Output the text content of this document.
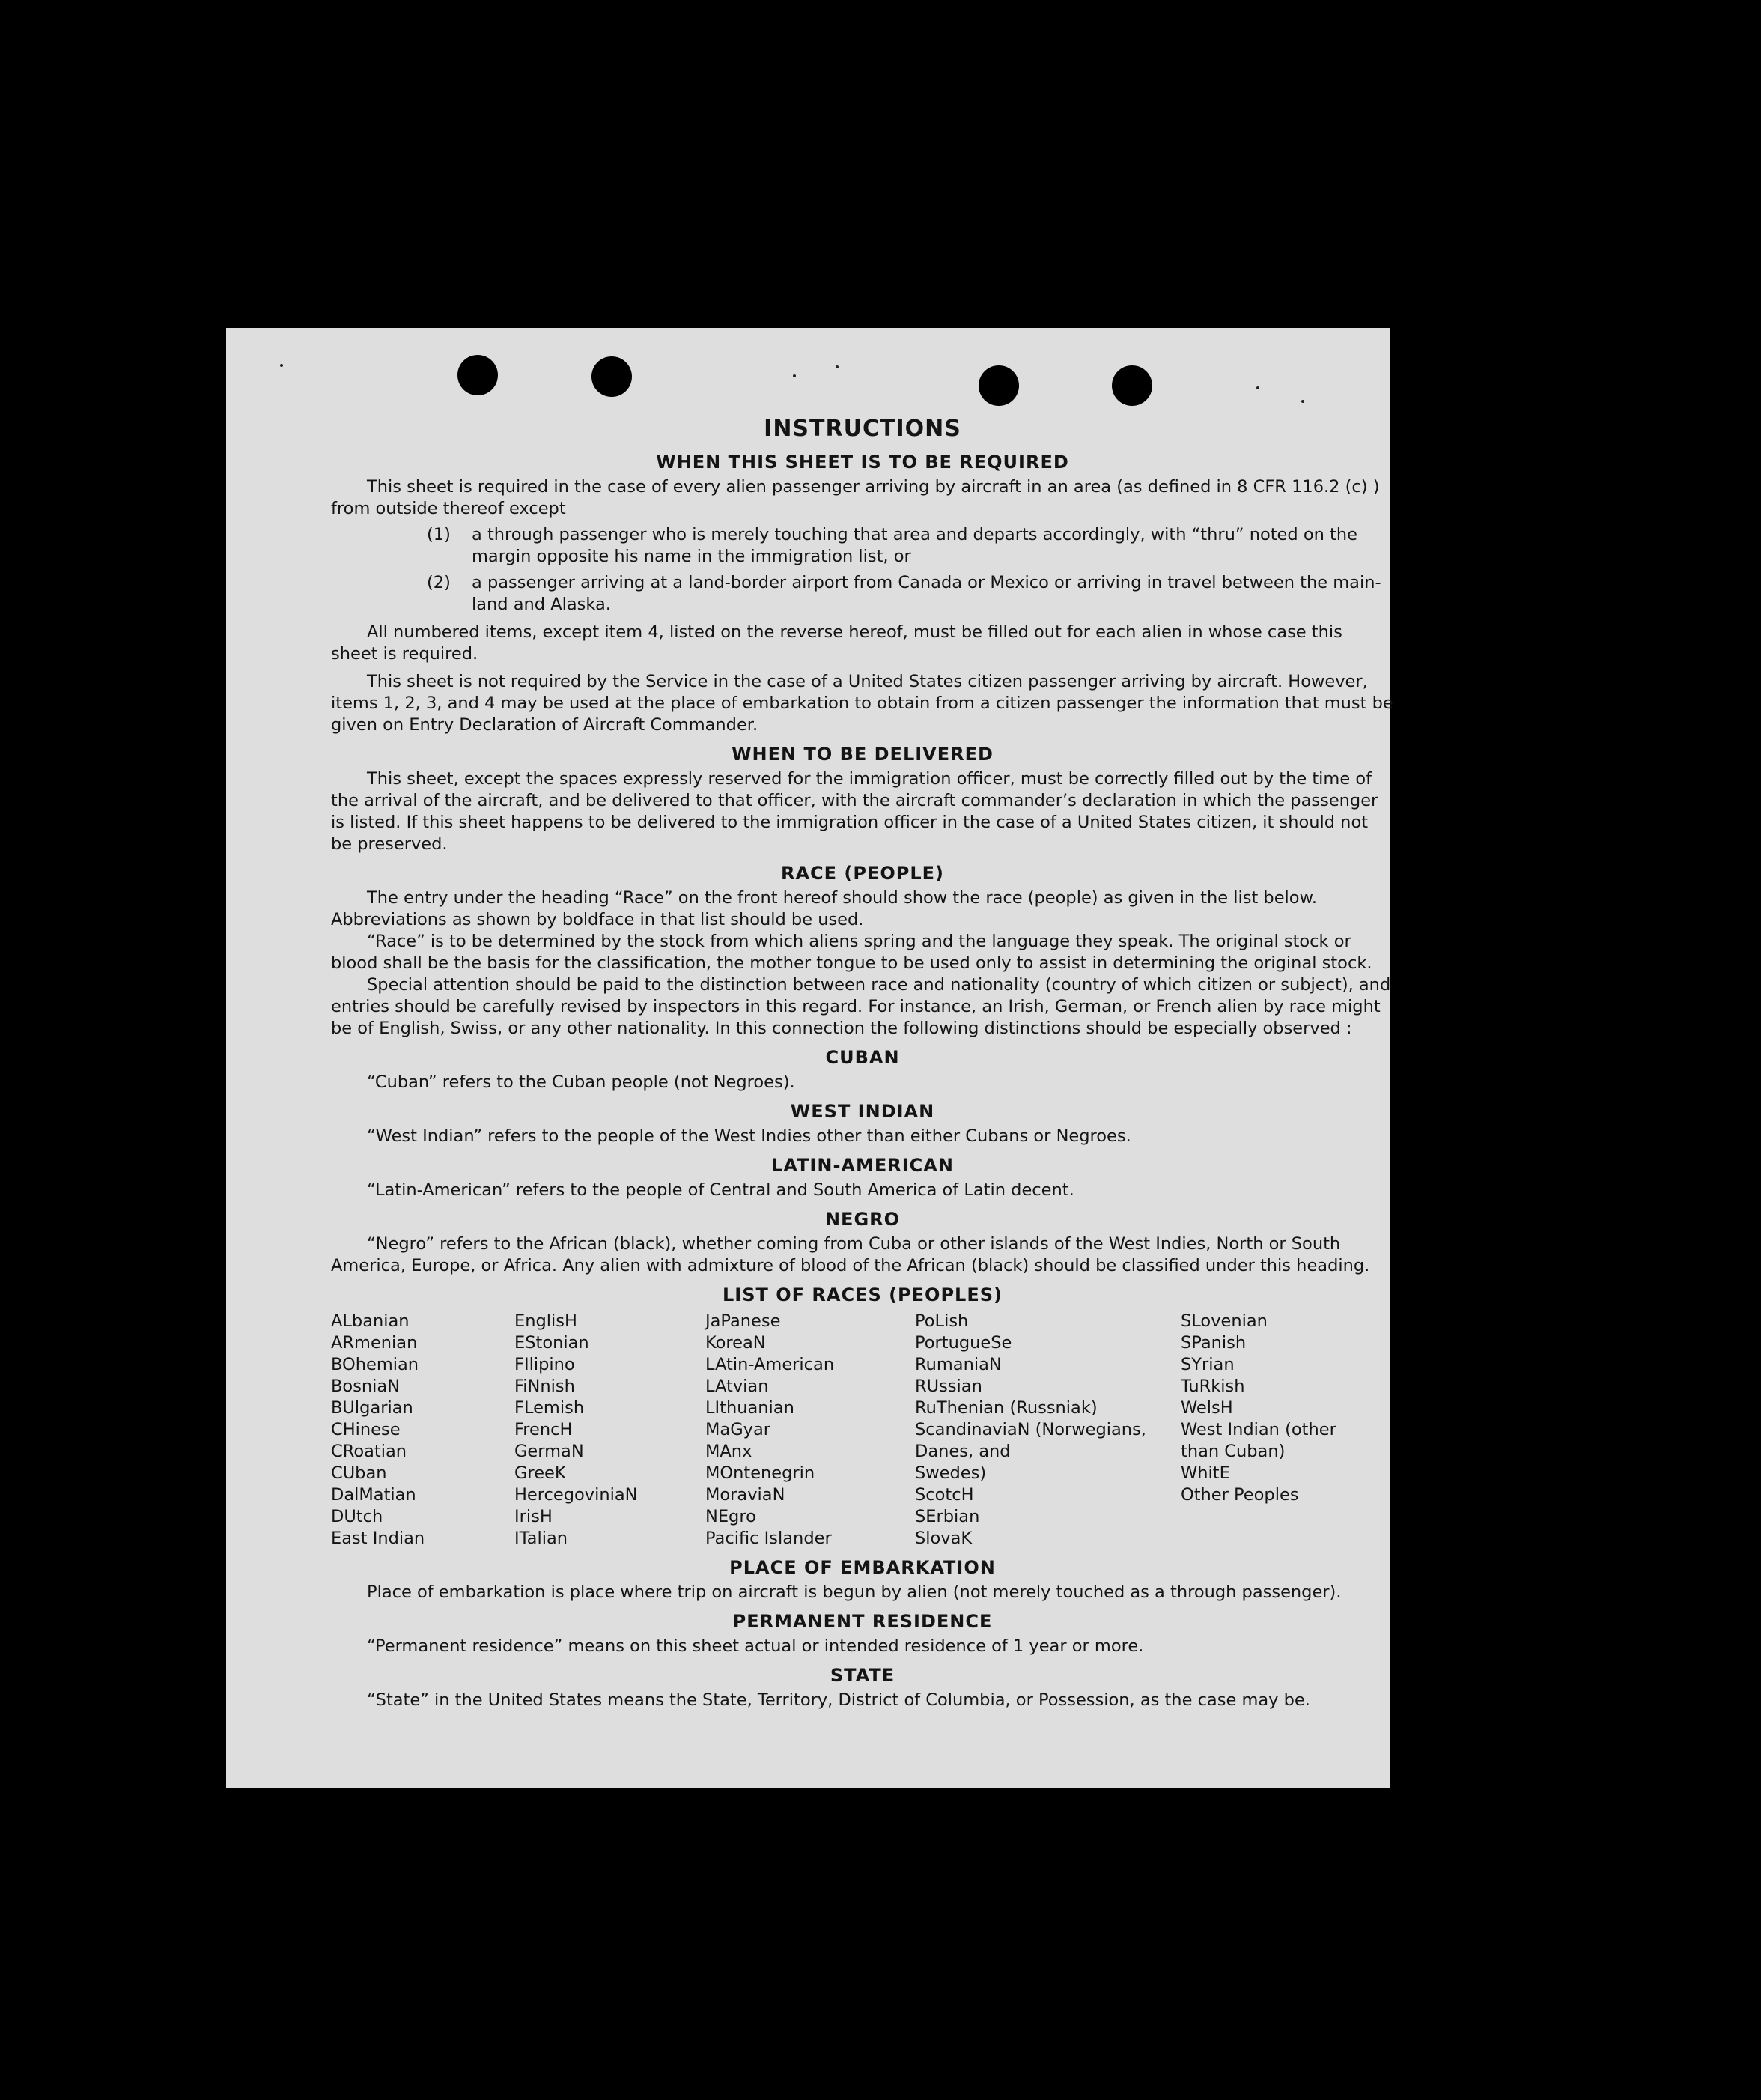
INSTRUCTIONS

WHEN THIS SHEET IS TO BE REQUIRED

This sheet is required in the case of every alien passenger arriving by aircraft in an area (as defined in 8 CFR 116.2 (c) ) from outside thereof except

(1)	a through passenger who is merely touching that area and departs accordingly, with “thru” noted on the margin opposite his name in the immigration list, or
(2)	a passenger arriving at a land-border airport from Canada or Mexico or arriving in travel between the main-land and Alaska.

All numbered items, except item 4, listed on the reverse hereof, must be filled out for each alien in whose case this sheet is required.

This sheet is not required by the Service in the case of a United States citizen passenger arriving by aircraft. However, items 1, 2, 3, and 4 may be used at the place of embarkation to obtain from a citizen passenger the information that must be given on Entry Declaration of Aircraft Commander.

WHEN TO BE DELIVERED

This sheet, except the spaces expressly reserved for the immigration officer, must be correctly filled out by the time of the arrival of the aircraft, and be delivered to that officer, with the aircraft commander’s declaration in which the passenger is listed. If this sheet happens to be delivered to the immigration officer in the case of a United States citizen, it should not be preserved.

RACE (PEOPLE)

The entry under the heading “Race” on the front hereof should show the race (people) as given in the list below. Abbreviations as shown by boldface in that list should be used.

“Race” is to be determined by the stock from which aliens spring and the language they speak. The original stock or blood shall be the basis for the classification, the mother tongue to be used only to assist in determining the original stock.

Special attention should be paid to the distinction between race and nationality (country of which citizen or subject), and entries should be carefully revised by inspectors in this regard. For instance, an Irish, German, or French alien by race might be of English, Swiss, or any other nationality. In this connection the following distinctions should be especially observed :

CUBAN

“Cuban” refers to the Cuban people (not Negroes).

WEST INDIAN

“West Indian” refers to the people of the West Indies other than either Cubans or Negroes.

LATIN-AMERICAN

“Latin-American” refers to the people of Central and South America of Latin decent.

NEGRO

“Negro” refers to the African (black), whether coming from Cuba or other islands of the West Indies, North or South America, Europe, or Africa. Any alien with admixture of blood of the African (black) should be classified under this heading.

LIST OF RACES (PEOPLES)

ALbanian
ARmenian
BOhemian
BosniaN
BUlgarian
CHinese
CRoatian
CUban
DalMatian
DUtch
East Indian
EnglisH
EStonian
FIlipino
FiNnish
FLemish
FrencH
GermaN
GreeK
HercegoviniaN
IrisH
ITalian
JaPanese
KoreaN
LAtin-American
LAtvian
LIthuanian
MaGyar
MAnx
MOntenegrin
MoraviaN
NEgro
Pacific Islander
PoLish
PortugueSe
RumaniaN
RUssian
RuThenian (Russniak)
ScandinaviaN (Norwegians,
Danes, and
Swedes)
ScotcH
SErbian
SlovaK
SLovenian
SPanish
SYrian
TuRkish
WelsH
West Indian (other
than Cuban)
WhitE
Other Peoples

PLACE OF EMBARKATION

Place of embarkation is place where trip on aircraft is begun by alien (not merely touched as a through passenger).

PERMANENT RESIDENCE

“Permanent residence” means on this sheet actual or intended residence of 1 year or more.

STATE

“State” in the United States means the State, Territory, District of Columbia, or Possession, as the case may be.
